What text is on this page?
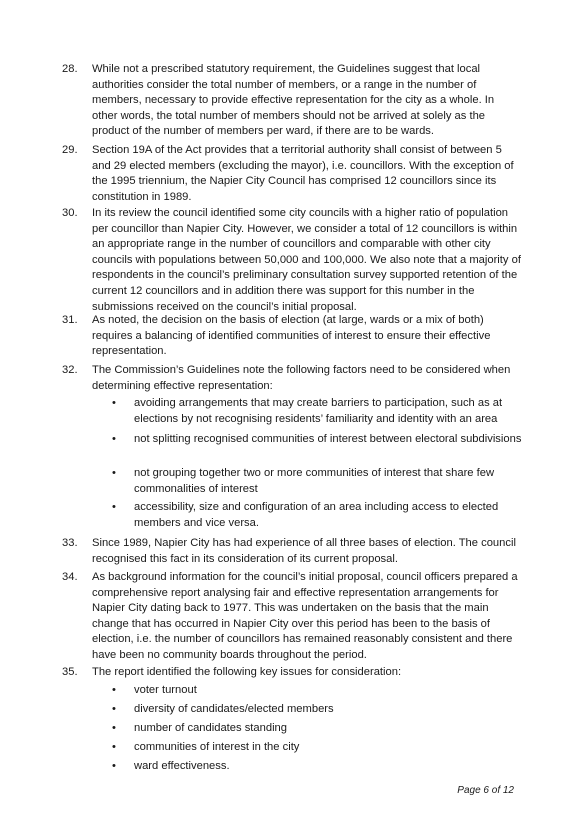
28.	While not a prescribed statutory requirement, the Guidelines suggest that local authorities consider the total number of members, or a range in the number of members, necessary to provide effective representation for the city as a whole. In other words, the total number of members should not be arrived at solely as the product of the number of members per ward, if there are to be wards.
29.	Section 19A of the Act provides that a territorial authority shall consist of between 5 and 29 elected members (excluding the mayor), i.e. councillors. With the exception of the 1995 triennium, the Napier City Council has comprised 12 councillors since its constitution in 1989.
30.	In its review the council identified some city councils with a higher ratio of population per councillor than Napier City. However, we consider a total of 12 councillors is within an appropriate range in the number of councillors and comparable with other city councils with populations between 50,000 and 100,000. We also note that a majority of respondents in the council’s preliminary consultation survey supported retention of the current 12 councillors and in addition there was support for this number in the submissions received on the council’s initial proposal.
31.	As noted, the decision on the basis of election (at large, wards or a mix of both) requires a balancing of identified communities of interest to ensure their effective representation.
32.	The Commission’s Guidelines note the following factors need to be considered when determining effective representation:
•	avoiding arrangements that may create barriers to participation, such as at elections by not recognising residents’ familiarity and identity with an area
•	not splitting recognised communities of interest between electoral subdivisions
•	not grouping together two or more communities of interest that share few commonalities of interest
•	accessibility, size and configuration of an area including access to elected members and vice versa.
33.	Since 1989, Napier City has had experience of all three bases of election. The council recognised this fact in its consideration of its current proposal.
34.	As background information for the council’s initial proposal, council officers prepared a comprehensive report analysing fair and effective representation arrangements for Napier City dating back to 1977. This was undertaken on the basis that the main change that has occurred in Napier City over this period has been to the basis of election, i.e. the number of councillors has remained reasonably consistent and there have been no community boards throughout the period.
35.	The report identified the following key issues for consideration:
•	voter turnout
•	diversity of candidates/elected members
•	number of candidates standing
•	communities of interest in the city
•	ward effectiveness.
Page 6 of 12
